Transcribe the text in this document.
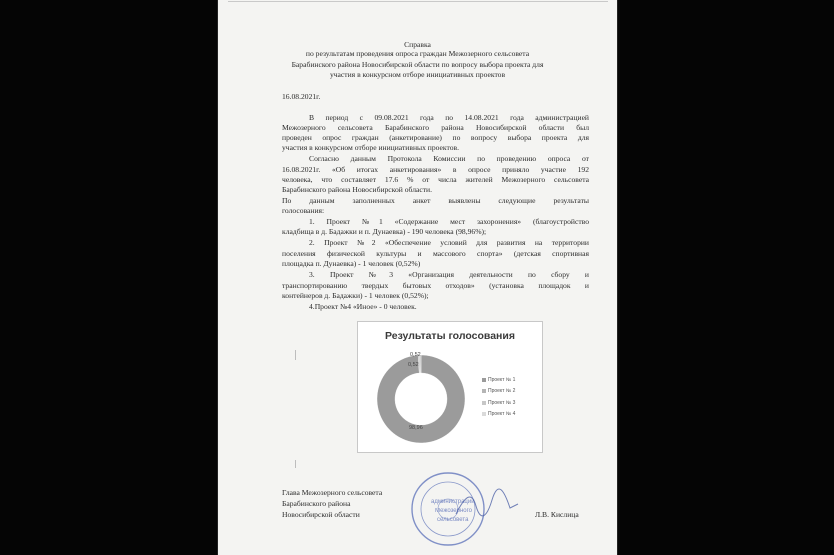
Справка
по результатам проведения опроса граждан Межозерного сельсовета
Барабинского района Новосибирской области по вопросу выбора проекта для
участия в конкурсном отборе инициативных проектов
16.08.2021г.
В период с 09.08.2021 года по 14.08.2021 года администрацией
Межозерного сельсовета Барабинского района Новосибирской области был
проведен опрос граждан (анкетирование) по вопросу выбора проекта для
участия в конкурсном отборе инициативных проектов.
Согласно данным Протокола Комиссии по проведению опроса от
16.08.2021г. «Об итогах анкетирования» в опросе приняло участие 192
человека, что составляет 17.6 % от числа жителей Межозерного сельсовета
Барабинского района Новосибирской области.
По данным заполненных анкет выявлены следующие результаты
голосования:
1. Проект №1 «Содержание мест захоронения» (благоустройство
кладбища в д. Бадажки и п. Дунаевка) - 190 человека (98,96%);
2. Проект №2 «Обеспечение условий для развития на территории
поселения физической культуры и массового спорта» (детская спортивная
площадка п. Дунаевка) - 1 человек (0,52%)
3. Проект №3 «Организация деятельности по сбору и
транспортированию твердых бытовых отходов» (установка площадок и
контейнеров д. Бадажки) - 1 человек (0,52%);
4.Проект №4 «Иное» - 0 человек.
Результаты голосования
0,52
0,52
98,96
Проект № 1
Проект № 2
Проект № 3
Проект № 4
Глава Межозерного сельсовета
Барабинского района
Новосибирской области	Л.В. Кислица
администрации
Межозерного
сельсовета
